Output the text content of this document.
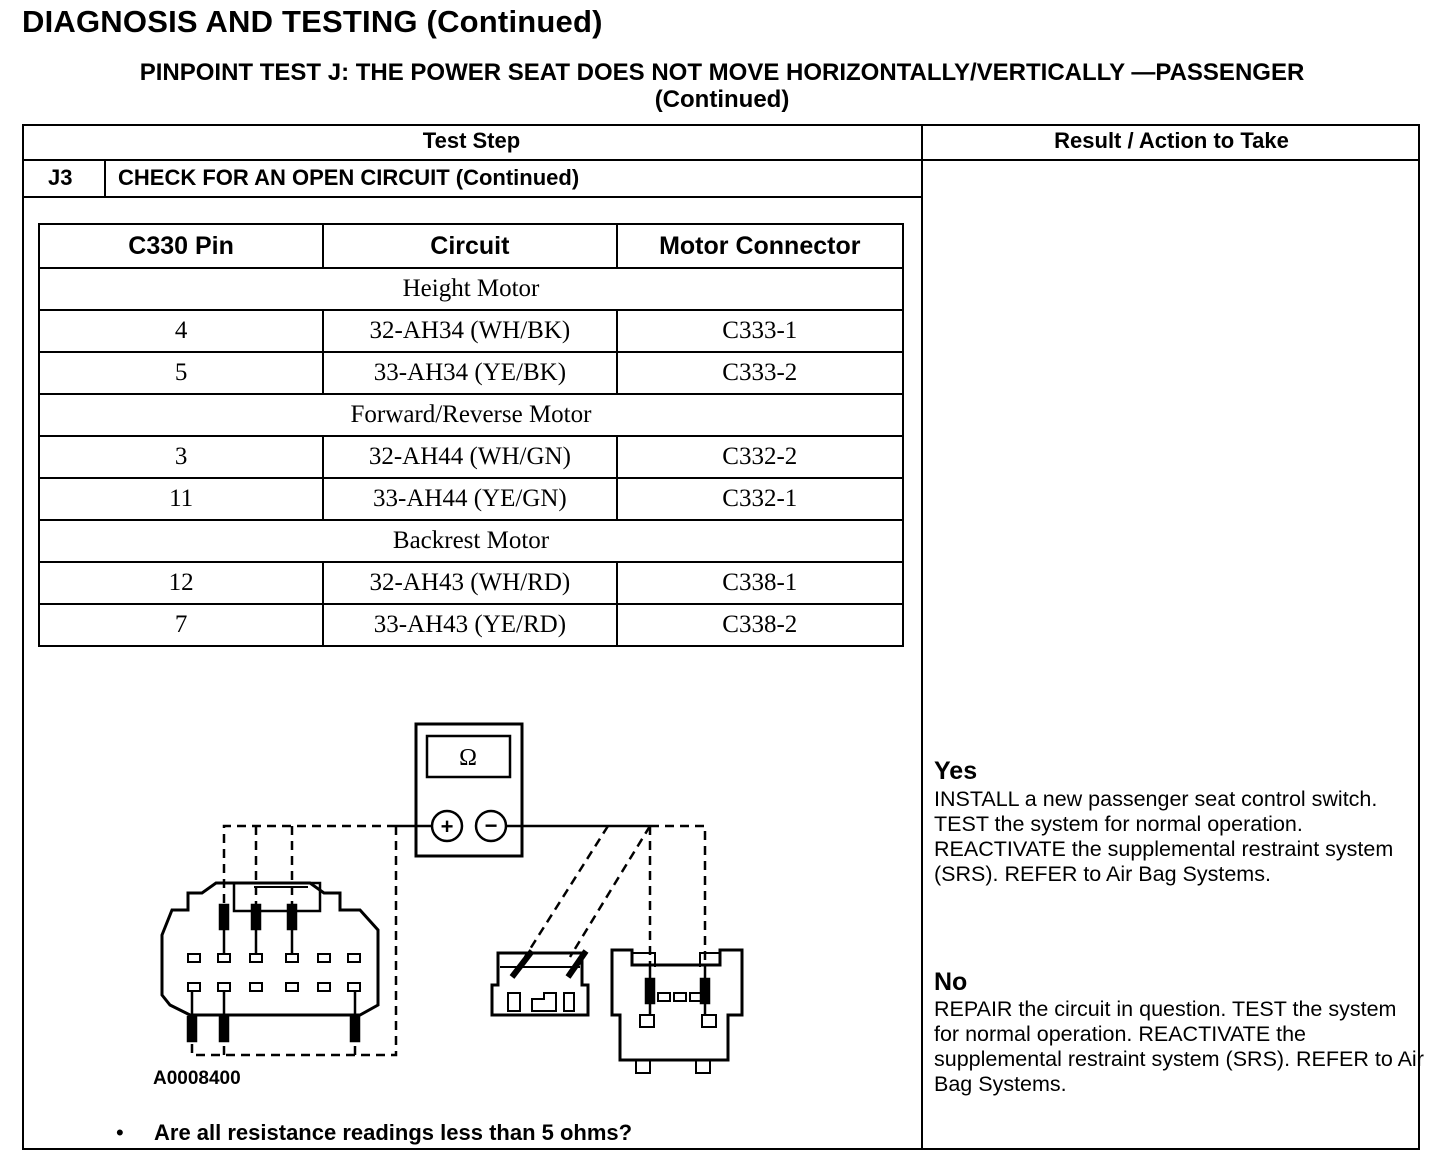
DIAGNOSIS AND TESTING (Continued)
PINPOINT TEST J: THE POWER SEAT DOES NOT MOVE HORIZONTALLY/VERTICALLY —PASSENGER
(Continued)
Test Step	Result / Action to Take
J3 CHECK FOR AN OPEN CIRCUIT (Continued)
C330 Pin	Circuit	Motor Connector
Height Motor		
4	32-AH34 (WH/BK)	C333-1
5	33-AH34 (YE/BK)	C333-2
Forward/Reverse Motor		
3	32-AH44 (WH/GN)	C332-2
11	33-AH44 (YE/GN)	C332-1
Backrest Motor		
12	32-AH43 (WH/RD)	C338-1
7	33-AH43 (YE/RD)	C338-2
Ω
+ −
A0008400
• Are all resistance readings less than 5 ohms?
Yes
INSTALL a new passenger seat control switch. TEST the system for normal operation. REACTIVATE the supplemental restraint system (SRS). REFER to Air Bag Systems.
No
REPAIR the circuit in question. TEST the system for normal operation. REACTIVATE the supplemental restraint system (SRS). REFER to Air Bag Systems.
